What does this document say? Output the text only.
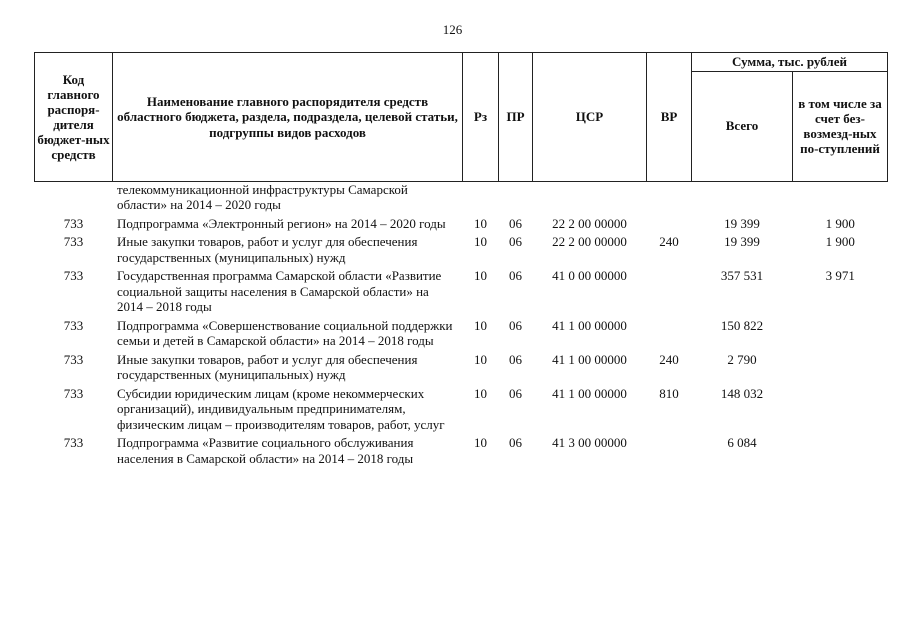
126
Код главного распоря-дителя бюджет-ных средств	Наименование главного распорядителя средств областного бюджета, раздела, подраздела, целевой статьи, подгруппы видов расходов	Рз	ПР	ЦСР	ВР	Сумма, тыс. рублей	
						Всего	в том числе за счет без-возмезд-ных по-ступлений
	телекоммуникационной инфраструктуры Самарской области» на 2014 – 2020 годы						
733	Подпрограмма «Электронный регион» на 2014 – 2020 годы	10	06	22 2 00 00000		19 399	1 900
733	Иные закупки товаров, работ и услуг для обеспечения государственных (муниципальных) нужд	10	06	22 2 00 00000	240	19 399	1 900
733	Государственная программа Самарской области «Развитие социальной защиты населения в Самарской области» на 2014 – 2018 годы	10	06	41 0 00 00000		357 531	3 971
733	Подпрограмма «Совершенствование социальной поддержки семьи и детей в Самарской области» на 2014 – 2018 годы	10	06	41 1 00 00000		150 822	
733	Иные закупки товаров, работ и услуг для обеспечения государственных (муниципальных) нужд	10	06	41 1 00 00000	240	2 790	
733	Субсидии юридическим лицам (кроме некоммерческих организаций), индивидуальным предпринимателям, физическим лицам – производителям товаров, работ, услуг	10	06	41 1 00 00000	810	148 032	
733	Подпрограмма «Развитие социального обслуживания населения в Самарской области» на 2014 – 2018 годы	10	06	41 3 00 00000		6 084	
